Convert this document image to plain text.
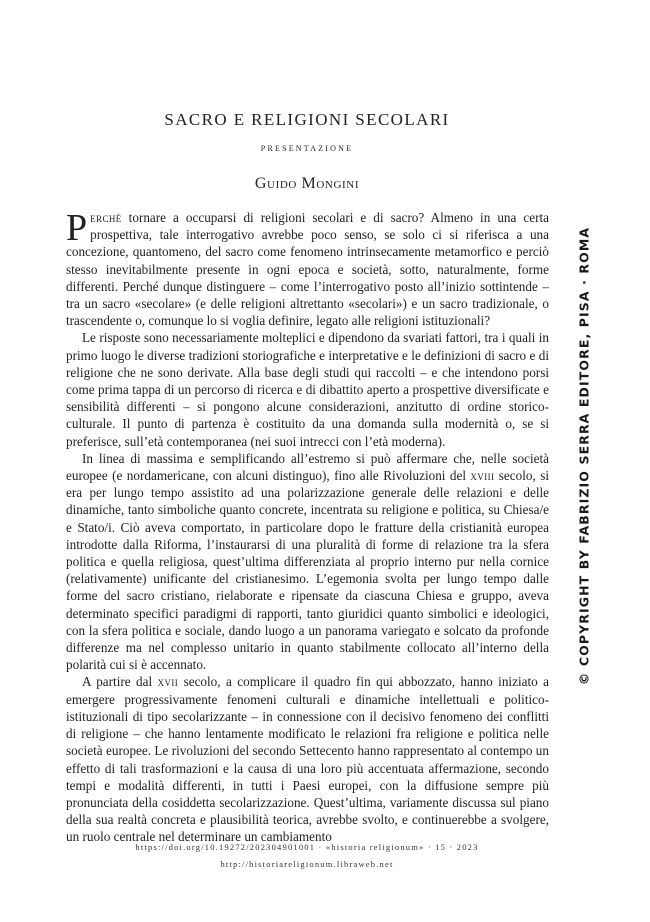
SACRO E RELIGIONI SECOLARI
presentazione
Guido Mongini

Perché tornare a occuparsi di religioni secolari e di sacro? Almeno in una certa prospettiva, tale interrogativo avrebbe poco senso, se solo ci si riferisca a una concezione, quantomeno, del sacro come fenomeno intrinsecamente metamorfico e perciò stesso inevitabilmente presente in ogni epoca e società, sotto, naturalmente, forme differenti. Perché dunque distinguere – come l’interrogativo posto all’inizio sottintende – tra un sacro «secolare» (e delle religioni altrettanto «secolari») e un sacro tradizionale, o trascendente o, comunque lo si voglia definire, legato alle religioni istituzionali?

Le risposte sono necessariamente molteplici e dipendono da svariati fattori, tra i quali in primo luogo le diverse tradizioni storiografiche e interpretative e le definizioni di sacro e di religione che ne sono derivate. Alla base degli studi qui raccolti – e che intendono porsi come prima tappa di un percorso di ricerca e di dibattito aperto a prospettive diversificate e sensibilità differenti – si pongono alcune considerazioni, anzitutto di ordine storico-culturale. Il punto di partenza è costituito da una domanda sulla modernità o, se si preferisce, sull’età contemporanea (nei suoi intrecci con l’età moderna).

In linea di massima e semplificando all’estremo si può affermare che, nelle società europee (e nordamericane, con alcuni distinguo), fino alle Rivoluzioni del xviii secolo, si era per lungo tempo assistito ad una polarizzazione generale delle relazioni e delle dinamiche, tanto simboliche quanto concrete, incentrata su religione e politica, su Chiesa/e e Stato/i. Ciò aveva comportato, in particolare dopo le fratture della cristianità europea introdotte dalla Riforma, l’instaurarsi di una pluralità di forme di relazione tra la sfera politica e quella religiosa, quest’ultima differenziata al proprio interno pur nella cornice (relativamente) unificante del cristianesimo. L’egemonia svolta per lungo tempo dalle forme del sacro cristiano, rielaborate e ripensate da ciascuna Chiesa e gruppo, aveva determinato specifici paradigmi di rapporti, tanto giuridici quanto simbolici e ideologici, con la sfera politica e sociale, dando luogo a un panorama variegato e solcato da profonde differenze ma nel complesso unitario in quanto stabilmente collocato all’interno della polarità cui si è accennato.

A partire dal xvii secolo, a complicare il quadro fin qui abbozzato, hanno iniziato a emergere progressivamente fenomeni culturali e dinamiche intellettuali e politico-istituzionali di tipo secolarizzante – in connessione con il decisivo fenomeno dei conflitti di religione – che hanno lentamente modificato le relazioni fra religione e politica nelle società europee. Le rivoluzioni del secondo Settecento hanno rappresentato al contempo un effetto di tali trasformazioni e la causa di una loro più accentuata affermazione, secondo tempi e modalità differenti, in tutti i Paesi europei, con la diffusione sempre più pronunciata della cosiddetta secolarizzazione. Quest’ultima, variamente discussa sul piano della sua realtà concreta e plausibilità teorica, avrebbe svolto, e continuerebbe a svolgere, un ruolo centrale nel determinare un cambiamento

© COPYRIGHT BY FABRIZIO SERRA EDITORE, PISA · ROMA
https://doi.org/10.19272/202304901001 · «historia religionum» · 15 · 2023
http://historiareligionum.libraweb.net
